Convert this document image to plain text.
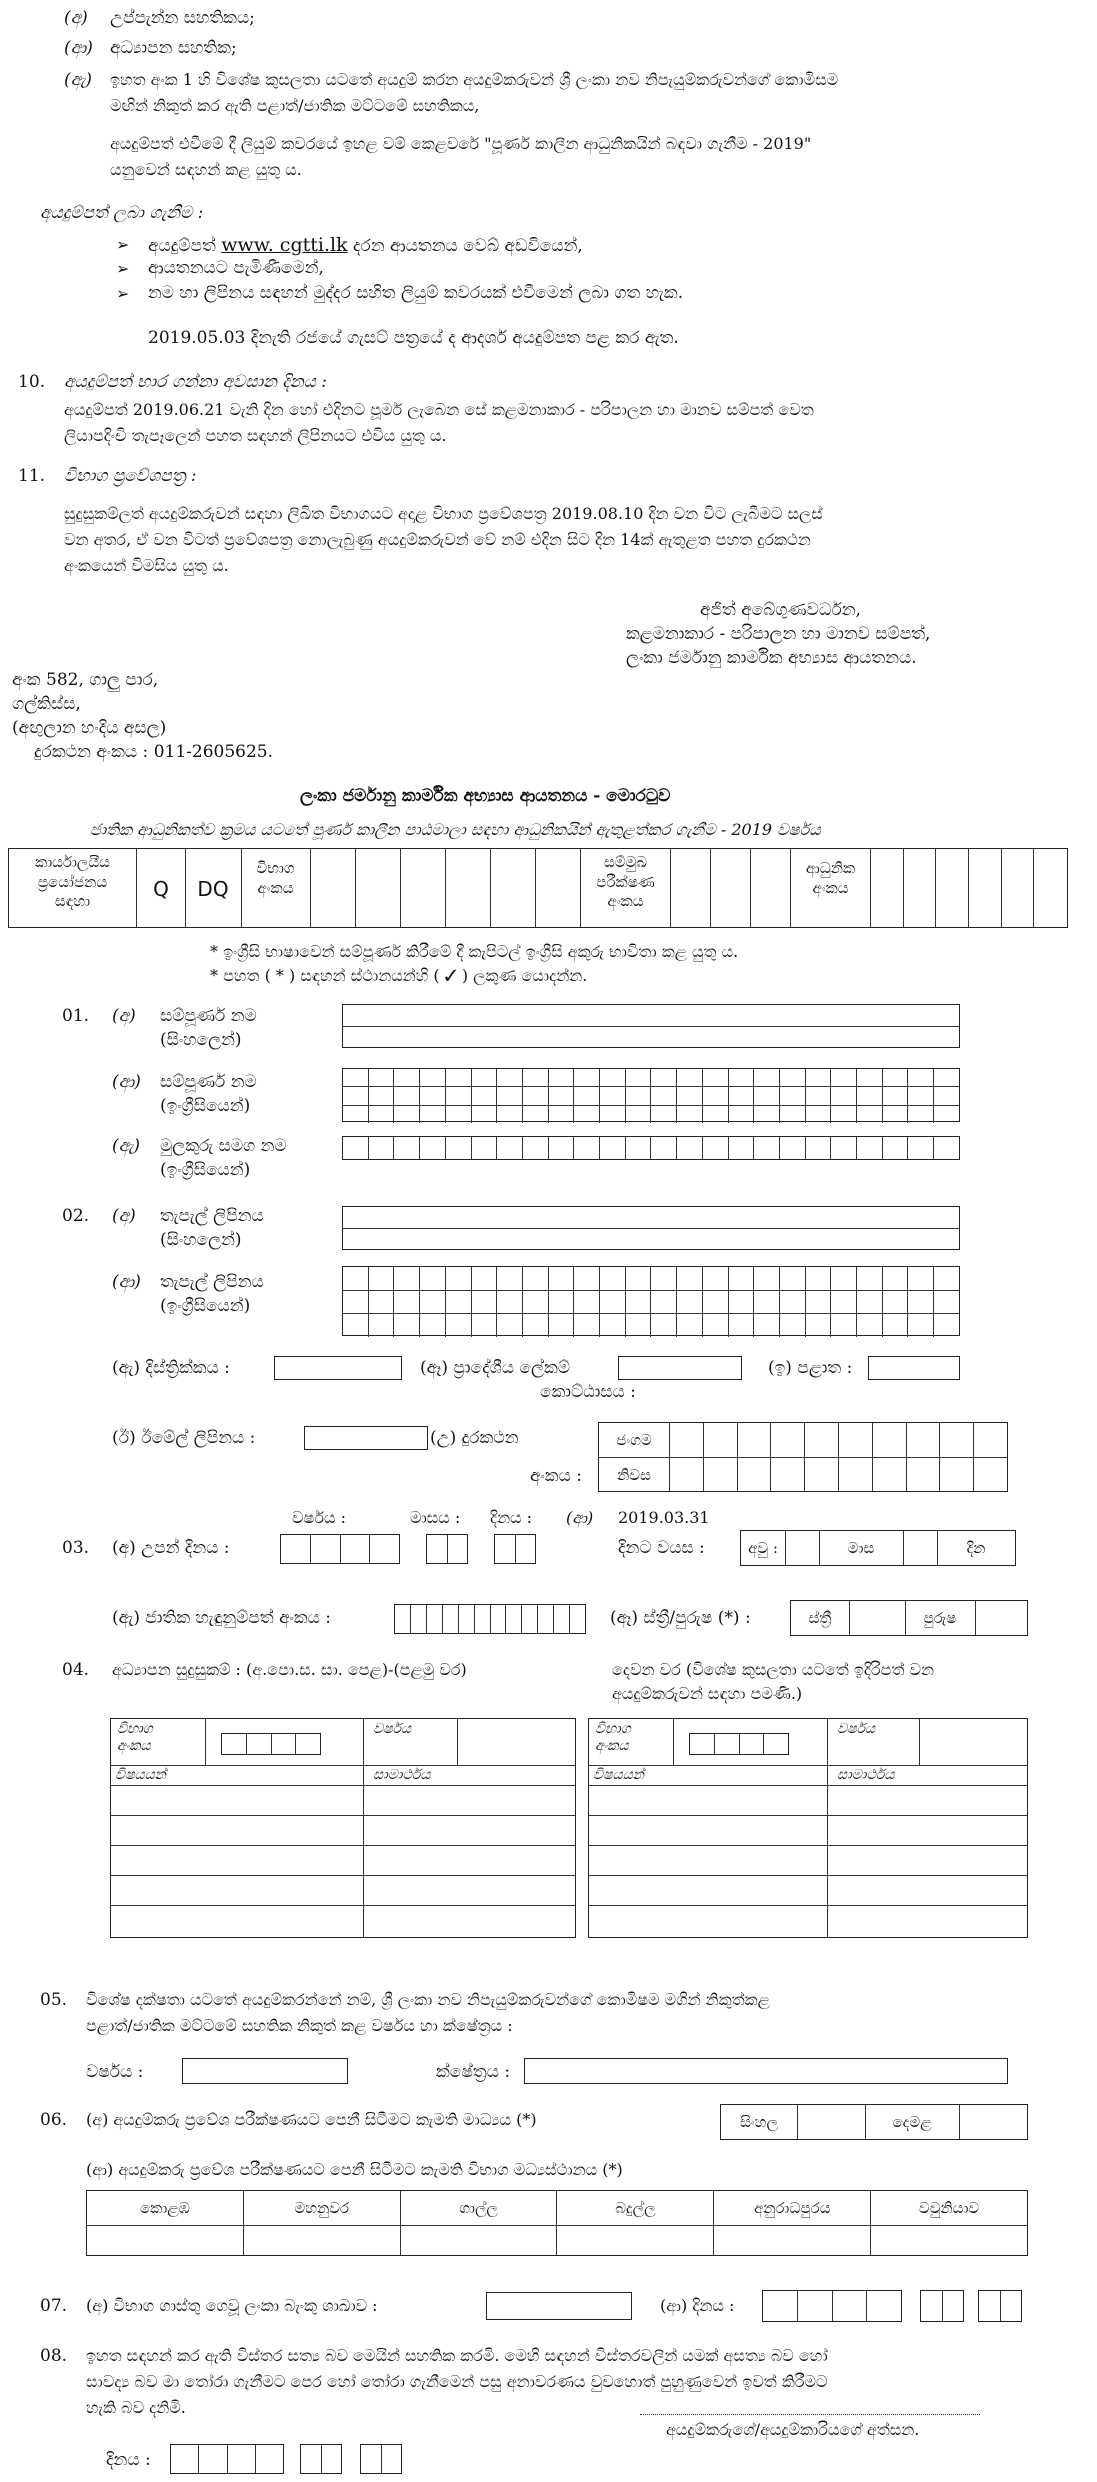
(අ) උප්පැන්න සහතිකය;
(ආ) අධ්‍යාපන සහතික;
(ඇ) ඉහත අංක 1 හි විශේෂ කුසලතා යටතේ අයදුම් කරන අයදුම්කරුවන් ශ්‍රී ලංකා නව නිපැයුම්කරුවන්ගේ කොමිසම
මඟින් නිකුත් කර ඇති පළාත්/ජාතික මට්ටමේ සහතිකය,
අයදුම්පත් එවීමේ දී ලියුම් කවරයේ ඉහළ වම් කෙළවරේ "පූර්ණ කාලීන ආධුනිකයින් බඳවා ගැනීම - 2019"
යනුවෙන් සඳහන් කළ යුතු ය.
අයදුම්පත් ලබා ගැනීම :
➢ අයදුම්පත් www. cgtti.lk දරන ආයතනය වෙබ් අඩවියෙන්,
➢ ආයතනයට පැමිණීමෙන්,
➢ නම හා ලිපිනය සඳහන් මුද්දර සහිත ලියුම් කවරයක් එවීමෙන් ලබා ගත හැක.
2019.05.03 දිනැති රජයේ ගැසට් පත්‍රයේ ද ආදර්ශ අයදුම්පත පළ කර ඇත.
10. අයදුම්පත් භාර ගන්නා අවසාන දිනය :
අයදුම්පත් 2019.06.21 වැනි දින හෝ එදිනට පූර්ම ලැබෙන සේ කළමනාකාර - පරිපාලන හා මානව සම්පත් වෙත
ලියාපදිංචි තැපෑලෙන් පහත සඳහන් ලිපිනයට එවිය යුතු ය.
11. විභාග ප්‍රවේශපත්‍ර :
සුදුසුකම්ලත් අයදුම්කරුවන් සඳහා ලිඛිත විභාගයට අදාළ විභාග ප්‍රවේශපත්‍ර 2019.08.10 දින වන විට ලැබීමට සලස්
වන අතර, ඒ වන විටත් ප්‍රවේශපත්‍ර නොලැබුණු අයදුම්කරුවන් වේ නම් එදින සිට දින 14ක් ඇතුළත පහත දුරකථන
අංකයෙන් විමසිය යුතු ය.
අජිත් අබේගුණවර්ධන,
කළමනාකාර - පරිපාලන හා මානව සම්පත්,
ලංකා ජර්මානු කාර්මික අභ්‍යාස ආයතනය.
අංක 582, ගාලු පාර,
ගල්කිස්ස,
(අඟුලාන හංදිය අසල)
දුරකථන අංකය : 011-2605625.
ලංකා ජර්මානු කාර්මික අභ්‍යාස ආයතනය - මොරටුව
ජාතික ආධුනිකත්ව ක්‍රමය යටතේ පූර්ණ කාලීන පාඨමාලා සඳහා ආධුනිකයින් ඇතුළත්කර ගැනීම - 2019 වර්ෂය
කාර්යාලයීය
ප්‍රයෝජනය
සඳහා	Q	DQ
විභාග
අංකය
සම්මුඛ
පරීක්ෂණ
අංකය
ආධුනික
අංකය
* ඉංග්‍රීසි භාෂාවෙන් සම්පූර්ණ කිරීමේ දී කැපිටල් ඉංග්‍රීසි අකුරු භාවිතා කළ යුතු ය.
* පහත ( * ) සඳහන් ස්ථානයන්හි ( ✓ ) ලකුණ යොදන්න.
01. (අ) සම්පූර්ණ නම
(සිංහලෙන්)
(ආ) සම්පූර්ණ නම
(ඉංග්‍රීසියෙන්)
(ඇ) මුලකුරු සමග නම
(ඉංග්‍රීසියෙන්)
02. (අ) තැපැල් ලිපිනය
(සිංහලෙන්)
(ආ) තැපැල් ලිපිනය
(ඉංග්‍රීසියෙන්)
(ඇ) දිස්ත්‍රික්කය :	(ඈ) ප්‍රාදේශීය ලේකම්
කොට්ඨාසය :
(ඉ) පළාත :
(ඊ) ඊමේල් ලිපිනය :	(උ) දුරකථන
අංකය :
ජංගම
නිවස
වර්ෂය :	මාසය : දිනය : (ආ) 2019.03.31
03. (අ) උපන් දිනය :	දිනට වයස :	අවු :	මාස	දින
(ඇ) ජාතික හැඳුනුම්පත් අංකය :	(ඈ) ස්ත්‍රී/පුරුෂ (*) :	ස්ත්‍රී	පුරුෂ
04. අධ්‍යාපන සුදුසුකම් : (අ.පො.ස. සා. පෙළ)-(පළමු වර)	දෙවන වර (විශේෂ කුසලතා යටතේ ඉදිරිපත් වන
අයදුම්කරුවන් සඳහා පමණි.)
විභාග
අංකය
වර්ෂය
විෂයයන්	සාමාර්ථය
විභාග
අංකය
වර්ෂය
විෂයයන්	සාමාර්ථය
05. විශේෂ දක්ෂතා යටතේ අයදුම්කරන්නේ නම්, ශ්‍රී ලංකා නව නිපැයුම්කරුවන්ගේ කොමිෂම මගින් නිකුත්කළ
පළාත්/ජාතික මට්ටමේ සහතික නිකුත් කළ වර්ෂය හා ක්ෂේත්‍රය :
වර්ෂය :	ක්ෂේත්‍රය :
06. (අ) අයදුම්කරු ප්‍රවේශ පරීක්ෂණයට පෙනී සිටීමට කැමති මාධ්‍යය (*)	සිංහල	දෙමළ
(ආ) අයදුම්කරු ප්‍රවේශ පරීක්ෂණයට පෙනී සිටීමට කැමති විභාග මධ්‍යස්ථානය (*)
කොළඹ	මහනුවර	ගාල්ල	බදුල්ල	අනුරාධපුරය	වවුනියාව
07. (අ) විභාග ගාස්තු ගෙවූ ලංකා බැංකු ශාඛාව :	(ආ) දිනය :
08. ඉහත සඳහන් කර ඇති විස්තර සත්‍ය බව මෙයින් සහතික කරමි. මෙහි සඳහන් විස්තරවලින් යමක් අසත්‍ය බව හෝ
සාවද්‍ය බව මා තෝරා ගැනීමට පෙර හෝ තෝරා ගැනීමෙන් පසු අනාවරණය වුවහොත් පුහුණුවෙන් ඉවත් කිරීමට
හැකි බව දනිමි.
අයදුම්කරුගේ/අයදුම්කාරියගේ අත්සන.
දිනය :
